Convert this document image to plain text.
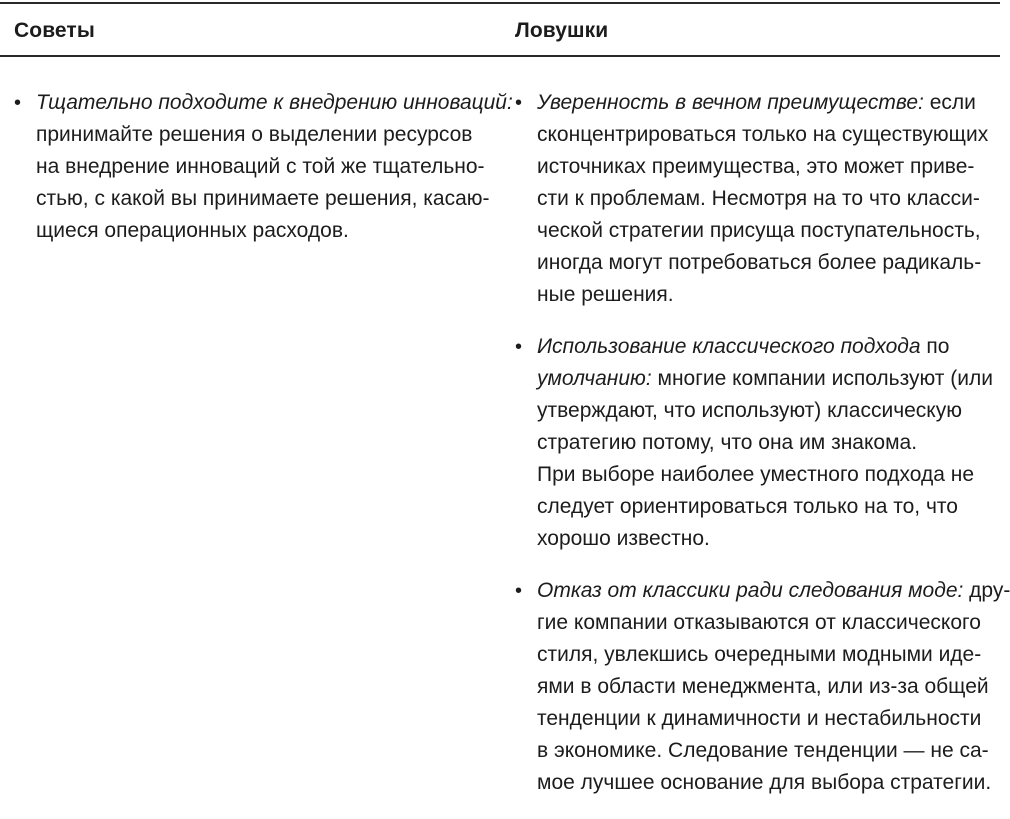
Советы	Ловушки
• Тщательно подходите к внедрению инноваций:
принимайте решения о выделении ресурсов
на внедрение инноваций с той же тщательно-
стью, с какой вы принимаете решения, касаю-
щиеся операционных расходов.
• Уверенность в вечном преимуществе: если
сконцентрироваться только на существующих
источниках преимущества, это может приве-
сти к проблемам. Несмотря на то что класси-
ческой стратегии присуща поступательность,
иногда могут потребоваться более радикаль-
ные решения.
• Использование классического подхода по
умолчанию: многие компании используют (или
утверждают, что используют) классическую
стратегию потому, что она им знакома.
При выборе наиболее уместного подхода не
следует ориентироваться только на то, что
хорошо известно.
• Отказ от классики ради следования моде: дру-
гие компании отказываются от классического
стиля, увлекшись очередными модными иде-
ями в области менеджмента, или из-за общей
тенденции к динамичности и нестабильности
в экономике. Следование тенденции — не са-
мое лучшее основание для выбора стратегии.
